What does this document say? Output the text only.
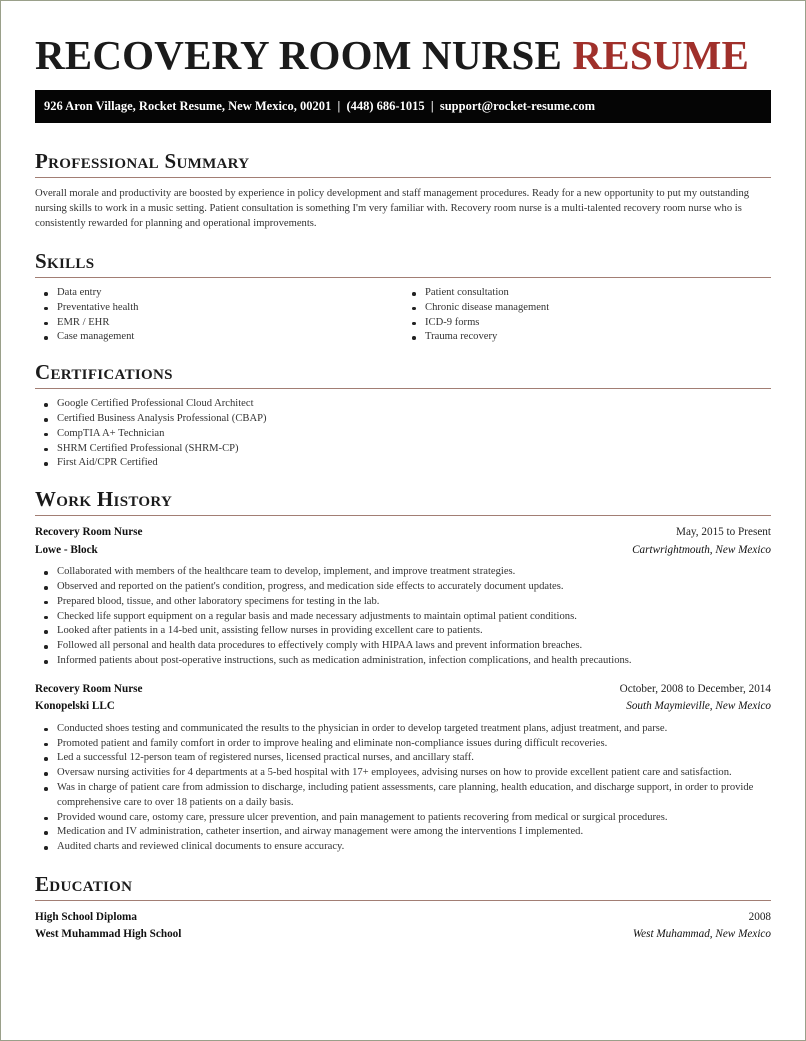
RECOVERY ROOM NURSE RESUME
926 Aron Village, Rocket Resume, New Mexico, 00201  |  (448) 686-1015  |  support@rocket-resume.com
Professional Summary

Overall morale and productivity are boosted by experience in policy development and staff management procedures. Ready for a new opportunity to put my outstanding nursing skills to work in a music setting. Patient consultation is something I'm very familiar with. Recovery room nurse is a multi-talented recovery room nurse who is consistently rewarded for planning and operational improvements.

Skills
Data entry
Preventative health
EMR / EHR
Case management
Patient consultation
Chronic disease management
ICD-9 forms
Trauma recovery
Certifications
Google Certified Professional Cloud Architect
Certified Business Analysis Professional (CBAP)
CompTIA A+ Technician
SHRM Certified Professional (SHRM-CP)
First Aid/CPR Certified
Work History
Recovery Room Nurse	May, 2015 to Present
Lowe - Block	Cartwrightmouth, New Mexico
Collaborated with members of the healthcare team to develop, implement, and improve treatment strategies.
Observed and reported on the patient's condition, progress, and medication side effects to accurately document updates.
Prepared blood, tissue, and other laboratory specimens for testing in the lab.
Checked life support equipment on a regular basis and made necessary adjustments to maintain optimal patient conditions.
Looked after patients in a 14-bed unit, assisting fellow nurses in providing excellent care to patients.
Followed all personal and health data procedures to effectively comply with HIPAA laws and prevent information breaches.
Informed patients about post-operative instructions, such as medication administration, infection complications, and health precautions.
Recovery Room Nurse	October, 2008 to December, 2014
Konopelski LLC	South Maymieville, New Mexico
Conducted shoes testing and communicated the results to the physician in order to develop targeted treatment plans, adjust treatment, and parse.
Promoted patient and family comfort in order to improve healing and eliminate non-compliance issues during difficult recoveries.
Led a successful 12-person team of registered nurses, licensed practical nurses, and ancillary staff.
Oversaw nursing activities for 4 departments at a 5-bed hospital with 17+ employees, advising nurses on how to provide excellent patient care and satisfaction.
Was in charge of patient care from admission to discharge, including patient assessments, care planning, health education, and discharge support, in order to provide comprehensive care to over 18 patients on a daily basis.
Provided wound care, ostomy care, pressure ulcer prevention, and pain management to patients recovering from medical or surgical procedures.
Medication and IV administration, catheter insertion, and airway management were among the interventions I implemented.
Audited charts and reviewed clinical documents to ensure accuracy.
Education
High School Diploma	2008
West Muhammad High School	West Muhammad, New Mexico
